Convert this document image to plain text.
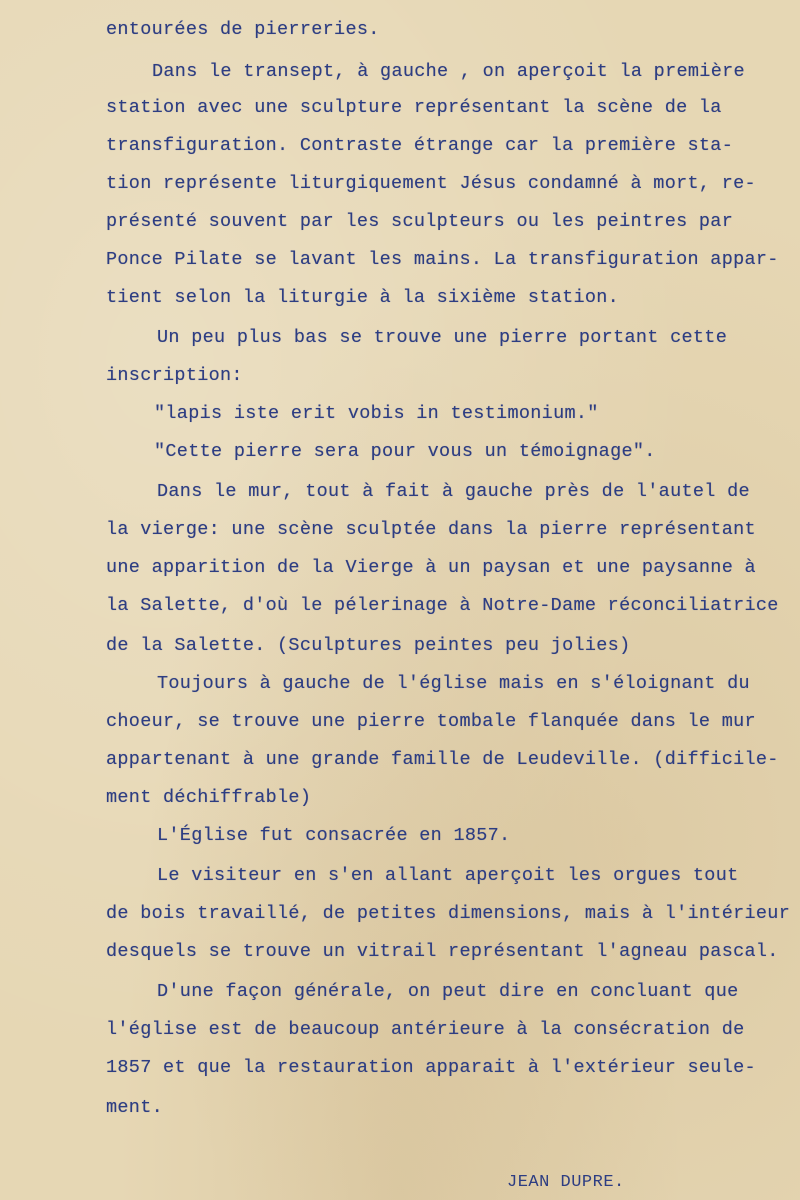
entourées de pierreries.

Dans le transept, à gauche , on aperçoit la première

station avec une sculpture représentant la scène de la

transfiguration. Contraste étrange car la première sta-

tion représente liturgiquement Jésus condamné à mort, re-

présenté souvent par les sculpteurs ou les peintres par

Ponce Pilate se lavant les mains. La transfiguration appar-

tient selon la liturgie à la sixième station.

Un peu plus bas se trouve une pierre portant cette

inscription:

"lapis iste erit vobis in testimonium."

"Cette pierre sera pour vous un témoignage".

Dans le mur, tout à fait à gauche près de l'autel de

la vierge: une scène sculptée dans la pierre représentant

une apparition de la Vierge à un paysan et une paysanne à

la Salette, d'où le pélerinage à Notre-Dame réconciliatrice

de la Salette. (Sculptures peintes peu jolies)

Toujours à gauche de l'église mais en s'éloignant du

choeur, se trouve une pierre tombale flanquée dans le mur

appartenant à une grande famille de Leudeville. (difficile-

ment déchiffrable)

L'Église fut consacrée en 1857.

Le visiteur en s'en allant aperçoit les orgues tout

de bois travaillé, de petites dimensions, mais à l'intérieur

desquels se trouve un vitrail représentant l'agneau pascal.

D'une façon générale, on peut dire en concluant que

l'église est de beaucoup antérieure à la consécration de

1857 et que la restauration apparait à l'extérieur seule-

ment.

JEAN DUPRE.
